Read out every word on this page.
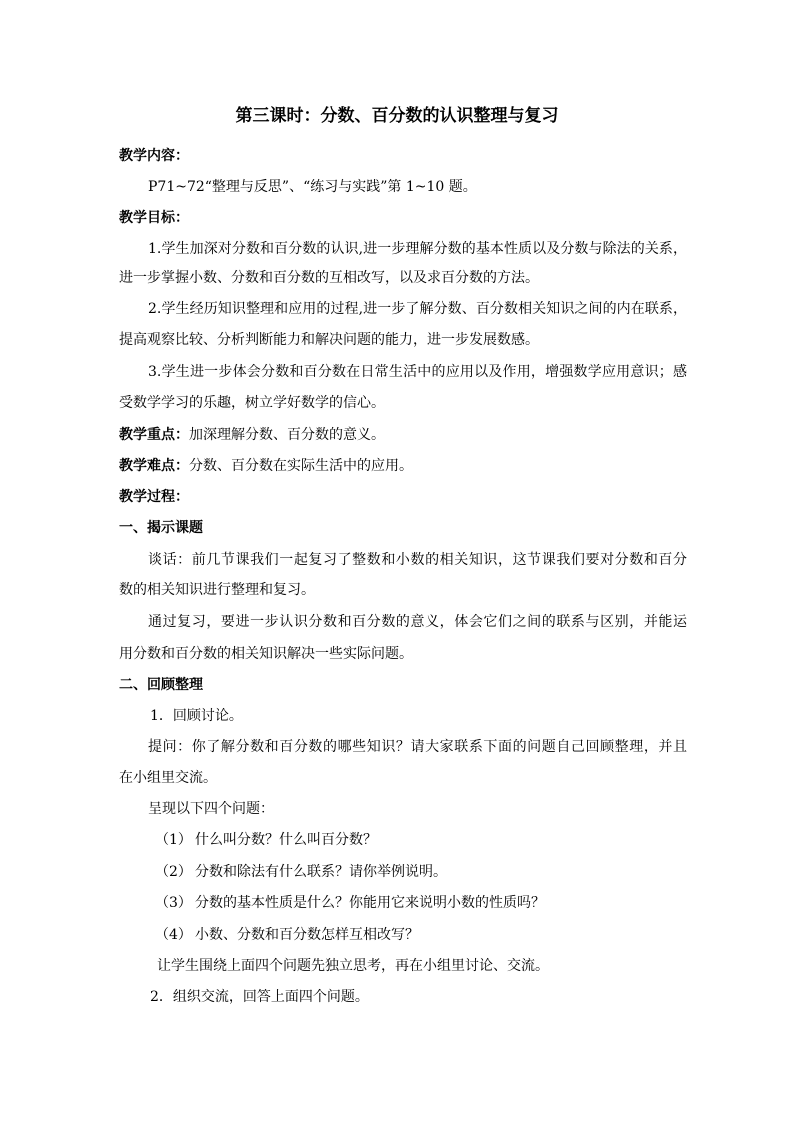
第三课时：分数、百分数的认识整理与复习
教学内容：
P71~72“整理与反思”、“练习与实践”第 1~10 题。
教学目标：
1.学生加深对分数和百分数的认识,进一步理解分数的基本性质以及分数与除法的关系，
进一步掌握小数、分数和百分数的互相改写，以及求百分数的方法。
2.学生经历知识整理和应用的过程,进一步了解分数、百分数相关知识之间的内在联系，
提高观察比较、分析判断能力和解决问题的能力，进一步发展数感。
3.学生进一步体会分数和百分数在日常生活中的应用以及作用，增强数学应用意识；感
受数学学习的乐趣，树立学好数学的信心。
教学重点：加深理解分数、百分数的意义。
教学难点：分数、百分数在实际生活中的应用。
教学过程：
一、揭示课题
谈话：前几节课我们一起复习了整数和小数的相关知识，这节课我们要对分数和百分
数的相关知识进行整理和复习。
通过复习，要进一步认识分数和百分数的意义，体会它们之间的联系与区别，并能运
用分数和百分数的相关知识解决一些实际问题。
二、回顾整理
1．回顾讨论。
提问：你了解分数和百分数的哪些知识？请大家联系下面的问题自己回顾整理，并且
在小组里交流。
呈现以下四个问题：
（1） 什么叫分数？什么叫百分数？
（2） 分数和除法有什么联系？请你举例说明。
（3） 分数的基本性质是什么？你能用它来说明小数的性质吗？
（4） 小数、分数和百分数怎样互相改写？
让学生围绕上面四个问题先独立思考，再在小组里讨论、交流。
2．组织交流，回答上面四个问题。
